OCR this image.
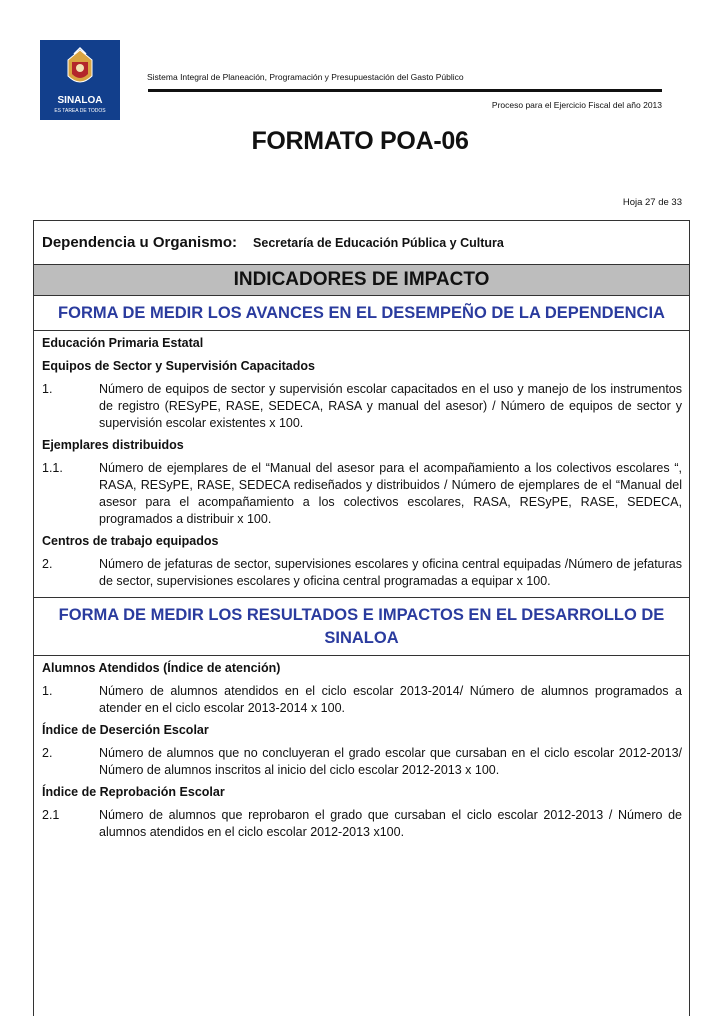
SINALOA
ES TAREA DE TODOS
Sistema Integral de Planeación, Programación y Presupuestación del Gasto Público
Proceso para el Ejercicio Fiscal del año 2013
FORMATO POA-06
Hoja 27 de 33
Dependencia u Organismo: Secretaría de Educación Pública y Cultura
INDICADORES DE IMPACTO
FORMA DE MEDIR LOS AVANCES EN EL DESEMPEÑO DE LA DEPENDENCIA
Educación Primaria Estatal
Equipos de Sector y Supervisión Capacitados
1.	Número de equipos de sector y supervisión escolar capacitados en el uso y manejo de los instrumentos de registro (RESyPE, RASE, SEDECA, RASA y manual del asesor) / Número de equipos de sector y supervisión escolar existentes x 100.
Ejemplares distribuidos
1.1.	Número de ejemplares de el “Manual del asesor para el acompañamiento a los colectivos escolares “, RASA, RESyPE, RASE, SEDECA rediseñados y distribuidos / Número de ejemplares de el “Manual del asesor para el acompañamiento a los colectivos escolares, RASA, RESyPE, RASE, SEDECA, programados a distribuir x 100.
Centros de trabajo equipados
2.	Número de jefaturas de sector, supervisiones escolares y oficina central equipadas /Número de jefaturas de sector, supervisiones escolares y oficina central programadas a equipar x 100.
FORMA DE MEDIR LOS RESULTADOS E IMPACTOS EN EL DESARROLLO DE SINALOA
Alumnos Atendidos (Índice de atención)
1.	Número de alumnos atendidos en el ciclo escolar 2013-2014/ Número de alumnos programados a atender en el ciclo escolar 2013-2014 x 100.
Índice de Deserción Escolar
2.	Número de alumnos que no concluyeran el grado escolar que cursaban en el ciclo escolar 2012-2013/ Número de alumnos inscritos al inicio del ciclo escolar 2012-2013 x 100.
Índice de Reprobación Escolar
2.1	Número de alumnos que reprobaron el grado que cursaban el ciclo escolar 2012-2013 / Número de alumnos atendidos en el ciclo escolar 2012-2013 x100.
